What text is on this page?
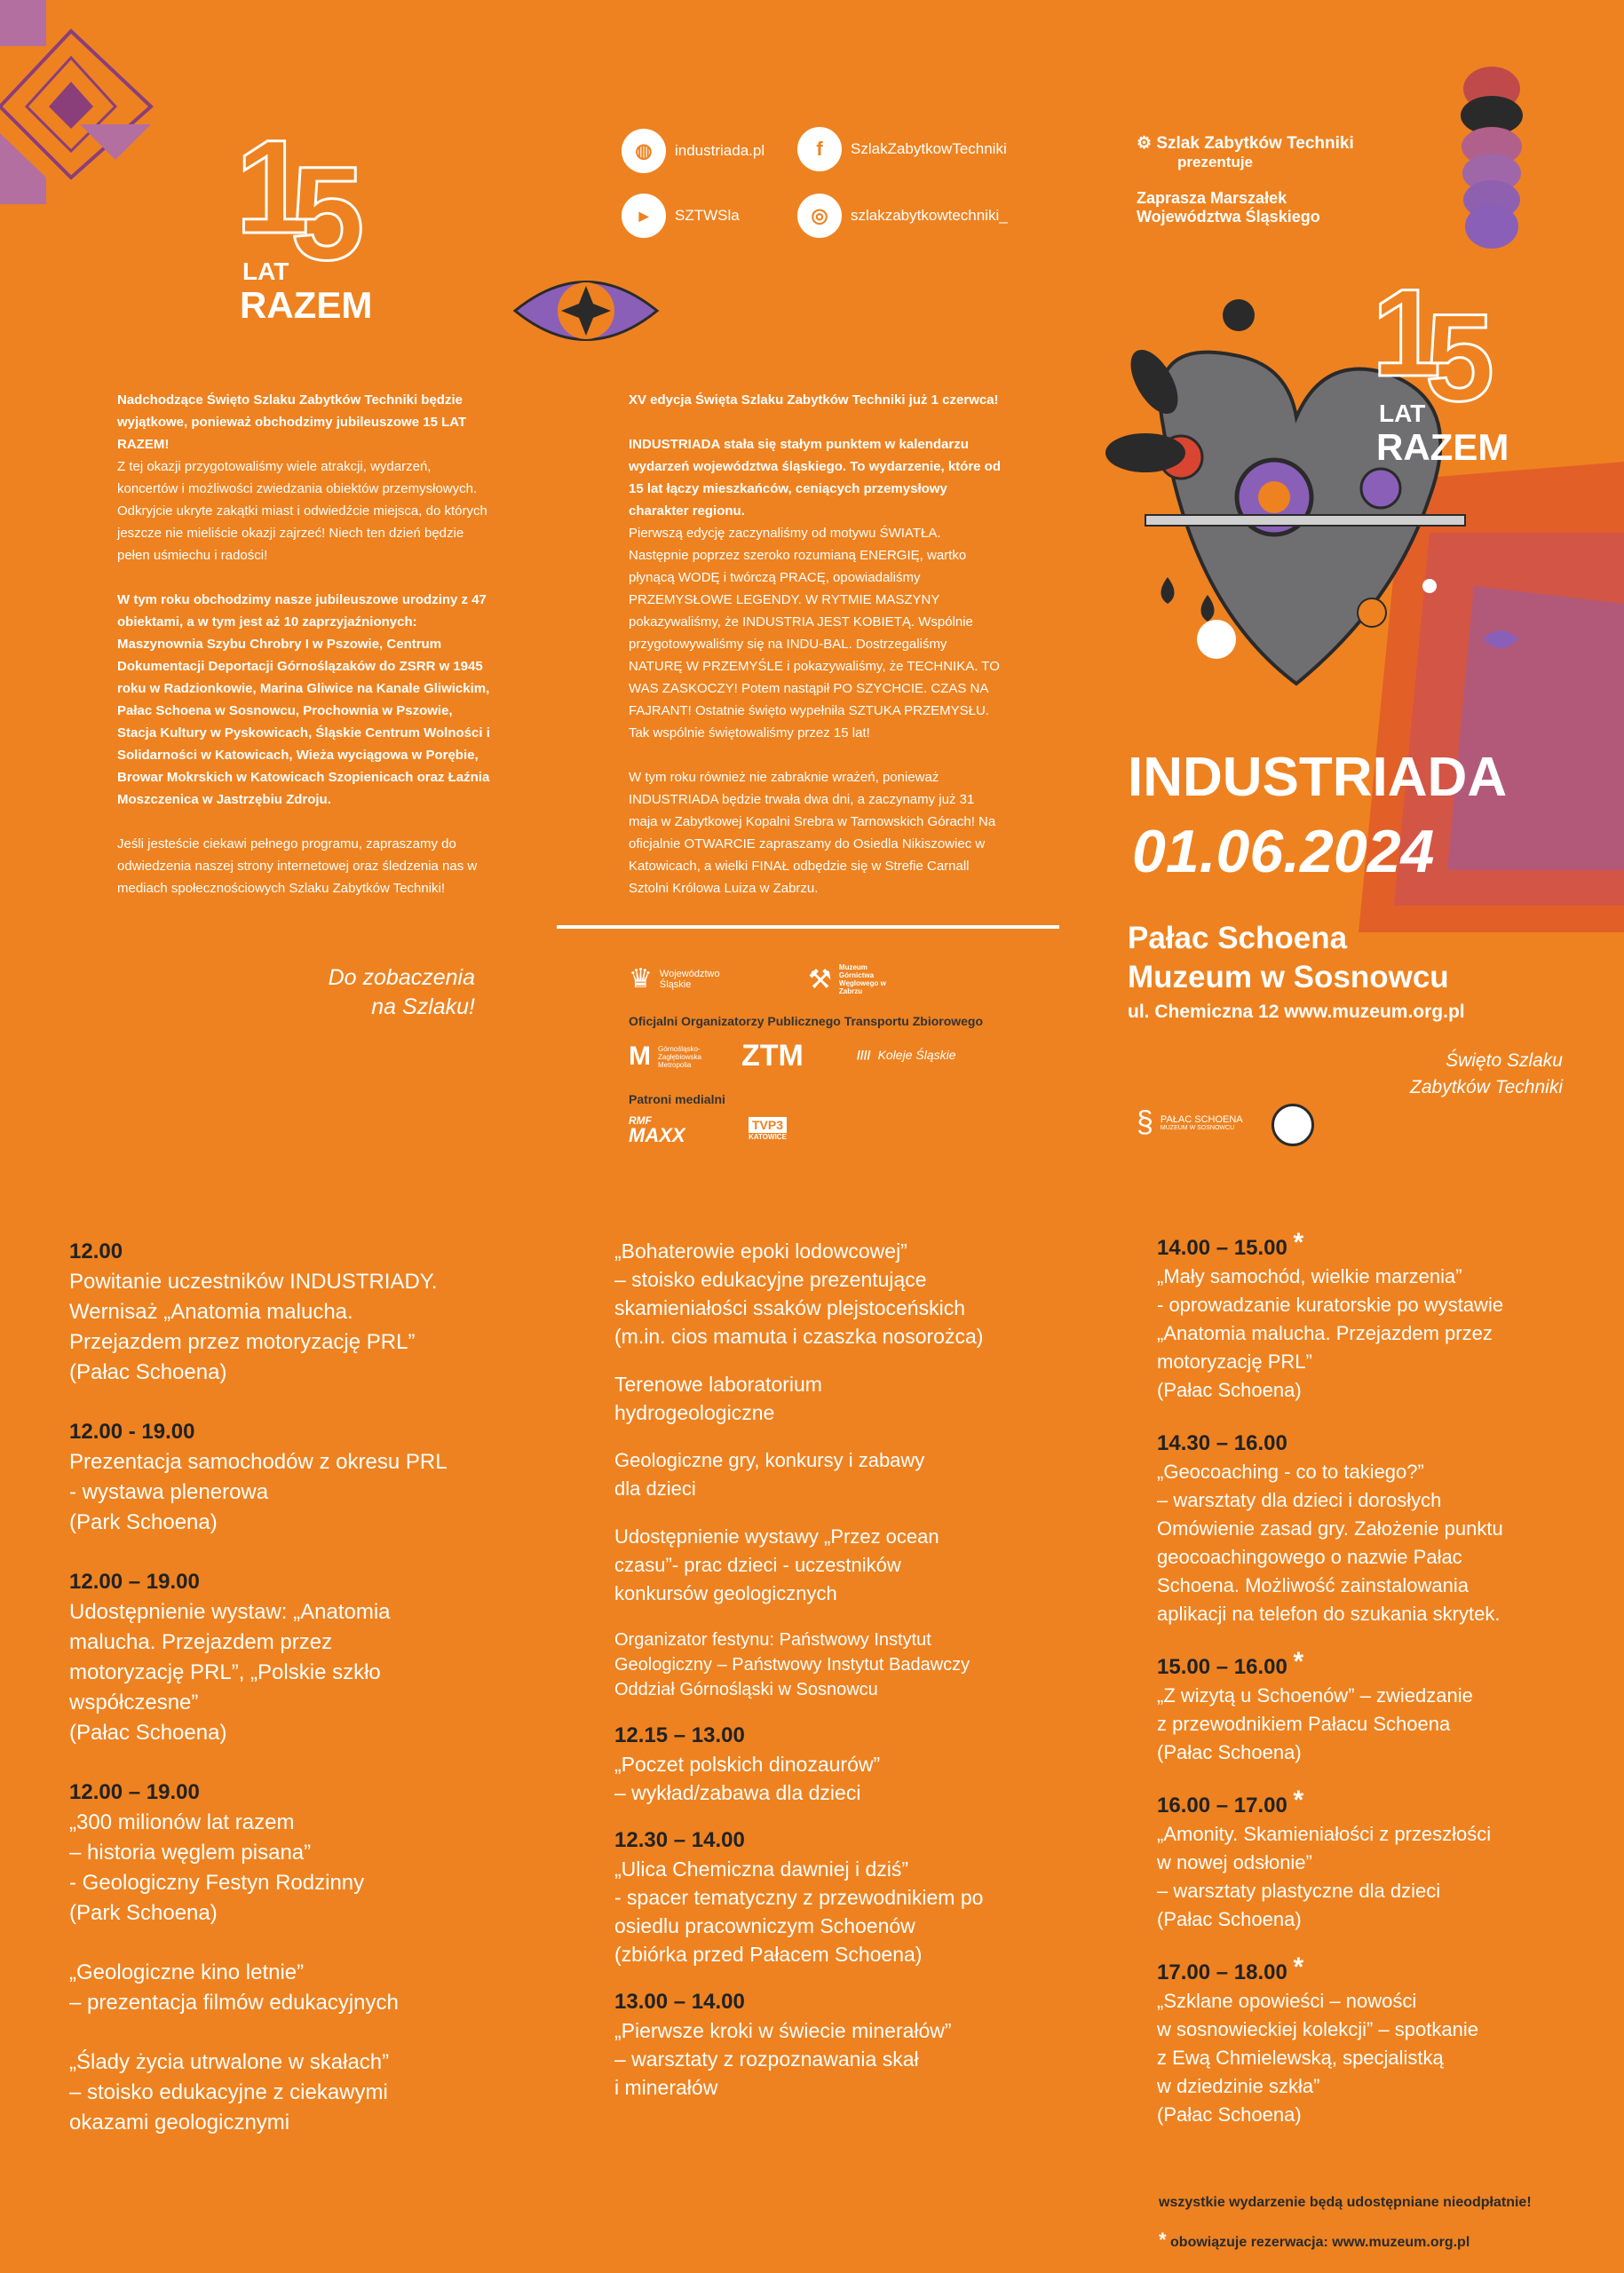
1
5
LAT
RAZEM
◍	industriada.pl	f	SzlakZabytkowTechniki
▶	SZTWSla	◎	szlakzabytkowtechniki_
⚙ Szlak Zabytków Techniki
prezentuje
Zaprasza Marszałek
Województwa Śląskiego
1
5
LAT
RAZEM
Nadchodzące Święto Szlaku Zabytków Techniki będzie wyjątkowe, ponieważ obchodzimy jubileuszowe 15 LAT RAZEM!
Z tej okazji przygotowaliśmy wiele atrakcji, wydarzeń, koncertów i możliwości zwiedzania obiektów przemysłowych. Odkryjcie ukryte zakątki miast i odwiedźcie miejsca, do których jeszcze nie mieliście okazji zajrzeć! Niech ten dzień będzie pełen uśmiechu i radości!
W tym roku obchodzimy nasze jubileuszowe urodziny z 47 obiektami, a w tym jest aż 10 zaprzyjaźnionych: Maszynownia Szybu Chrobry I w Pszowie, Centrum Dokumentacji Deportacji Górnoślązaków do ZSRR w 1945 roku w Radzionkowie, Marina Gliwice na Kanale Gliwickim, Pałac Schoena w Sosnowcu, Prochownia w Pszowie, Stacja Kultury w Pyskowicach, Śląskie Centrum Wolności i Solidarności w Katowicach, Wieża wyciągowa w Porębie, Browar Mokrskich w Katowicach Szopienicach oraz Łaźnia Moszczenica w Jastrzębiu Zdroju.
Jeśli jesteście ciekawi pełnego programu, zapraszamy do odwiedzenia naszej strony internetowej oraz śledzenia nas w mediach społecznościowych Szlaku Zabytków Techniki!
Do zobaczenia
na Szlaku!
XV edycja Święta Szlaku Zabytków Techniki już 1 czerwca!
INDUSTRIADA stała się stałym punktem w kalendarzu wydarzeń województwa śląskiego. To wydarzenie, które od 15 lat łączy mieszkańców, ceniących przemysłowy charakter regionu.
Pierwszą edycję zaczynaliśmy od motywu ŚWIATŁA. Następnie poprzez szeroko rozumianą ENERGIĘ, wartko płynącą WODĘ i twórczą PRACĘ, opowiadaliśmy PRZEMYSŁOWE LEGENDY. W RYTMIE MASZYNY pokazywaliśmy, że INDUSTRIA JEST KOBIETĄ. Wspólnie przygotowywaliśmy się na INDU-BAL. Dostrzegaliśmy NATURĘ W PRZEMYŚLE i pokazywaliśmy, że TECHNIKA. TO WAS ZASKOCZY! Potem nastąpił PO SZYCHCIE. CZAS NA FAJRANT! Ostatnie święto wypełniła SZTUKA PRZEMYSŁU. Tak wspólnie świętowaliśmy przez 15 lat!
W tym roku również nie zabraknie wrażeń, ponieważ INDUSTRIADA będzie trwała dwa dni, a zaczynamy już 31 maja w Zabytkowej Kopalni Srebra w Tarnowskich Górach! Na oficjalnie OTWARCIE zapraszamy do Osiedla Nikiszowiec w Katowicach, a wielki FINAŁ odbędzie się w Strefie Carnall Sztolni Królowa Luiza w Zabrzu.
♛ Województwo Śląskie	⚒ Muzeum Górnictwa Węglowego w Zabrzu
Oficjalni Organizatorzy Publicznego Transportu Zbiorowego
M Górnośląsko-Zagłębiowska Metropolia	ZTM	//// Koleje Śląskie
Patroni medialni
RMF
MAXX	TVP3
KATOWICE
INDUSTRIADA
01.06.2024
Pałac Schoena
Muzeum w Sosnowcu
ul. Chemiczna 12 www.muzeum.org.pl
Święto Szlaku
Zabytków Techniki
§ PAŁAC SCHOENA
MUZEUM W SOSNOWCU
12.00
Powitanie uczestników INDUSTRIADY.
Wernisaż „Anatomia malucha.
Przejazdem przez motoryzację PRL”
(Pałac Schoena)
12.00 - 19.00
Prezentacja samochodów z okresu PRL
- wystawa plenerowa
(Park Schoena)
12.00 – 19.00
Udostępnienie wystaw: „Anatomia
malucha. Przejazdem przez
motoryzację PRL”, „Polskie szkło
współczesne”
(Pałac Schoena)
12.00 – 19.00
„300 milionów lat razem
– historia węglem pisana”
- Geologiczny Festyn Rodzinny
(Park Schoena)
„Geologiczne kino letnie”
– prezentacja filmów edukacyjnych
„Ślady życia utrwalone w skałach”
– stoisko edukacyjne z ciekawymi
okazami geologicznymi
„Bohaterowie epoki lodowcowej”
– stoisko edukacyjne prezentujące
skamieniałości ssaków plejstoceńskich
(m.in. cios mamuta i czaszka nosorożca)
Terenowe laboratorium
hydrogeologiczne
Geologiczne gry, konkursy i zabawy
dla dzieci
Udostępnienie wystawy „Przez ocean
czasu”- prac dzieci - uczestników
konkursów geologicznych
Organizator festynu: Państwowy Instytut
Geologiczny – Państwowy Instytut Badawczy
Oddział Górnośląski w Sosnowcu
12.15 – 13.00
„Poczet polskich dinozaurów”
– wykład/zabawa dla dzieci
12.30 – 14.00
„Ulica Chemiczna dawniej i dziś”
- spacer tematyczny z przewodnikiem po
osiedlu pracowniczym Schoenów
(zbiórka przed Pałacem Schoena)
13.00 – 14.00
„Pierwsze kroki w świecie minerałów”
– warsztaty z rozpoznawania skał
i minerałów
14.00 – 15.00 *
„Mały samochód, wielkie marzenia”
- oprowadzanie kuratorskie po wystawie
„Anatomia malucha. Przejazdem przez
motoryzację PRL”
(Pałac Schoena)
14.30 – 16.00
„Geocoaching - co to takiego?”
– warsztaty dla dzieci i dorosłych
Omówienie zasad gry. Założenie punktu
geocoachingowego o nazwie Pałac
Schoena. Możliwość zainstalowania
aplikacji na telefon do szukania skrytek.
15.00 – 16.00 *
„Z wizytą u Schoenów” – zwiedzanie
z przewodnikiem Pałacu Schoena
(Pałac Schoena)
16.00 – 17.00 *
„Amonity. Skamieniałości z przeszłości
w nowej odsłonie”
– warsztaty plastyczne dla dzieci
(Pałac Schoena)
17.00 – 18.00 *
„Szklane opowieści – nowości
w sosnowieckiej kolekcji” – spotkanie
z Ewą Chmielewską, specjalistką
w dziedzinie szkła”
(Pałac Schoena)
wszystkie wydarzenie będą udostępniane nieodpłatnie!
* obowiązuje rezerwacja: www.muzeum.org.pl
